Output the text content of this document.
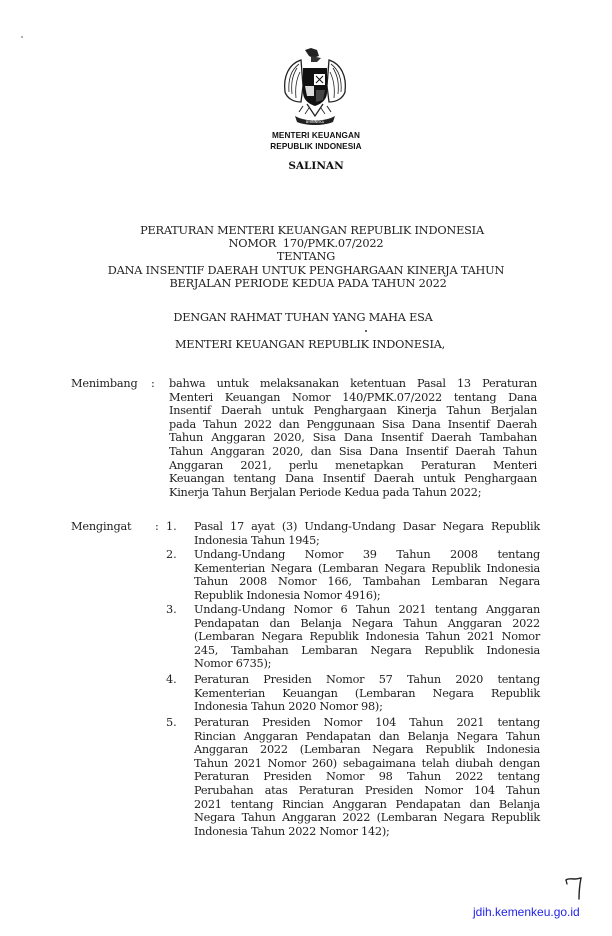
BHINNEKA
MENTERI KEUANGAN
REPUBLIK INDONESIA
SALINAN
PERATURAN MENTERI KEUANGAN REPUBLIK INDONESIA
NOMOR  170/PMK.07/2022
TENTANG
DANA INSENTIF DAERAH UNTUK PENGHARGAAN KINERJA TAHUN
BERJALAN PERIODE KEDUA PADA TAHUN 2022
DENGAN RAHMAT TUHAN YANG MAHA ESA
MENTERI KEUANGAN REPUBLIK INDONESIA,
Menimbang : bahwa untuk melaksanakan ketentuan Pasal 13 Peraturan
Menteri Keuangan Nomor 140/PMK.07/2022 tentang Dana
Insentif Daerah untuk Penghargaan Kinerja Tahun Berjalan
pada Tahun 2022 dan Penggunaan Sisa Dana Insentif Daerah
Tahun Anggaran 2020, Sisa Dana Insentif Daerah Tambahan
Tahun Anggaran 2020, dan Sisa Dana Insentif Daerah Tahun
Anggaran 2021, perlu menetapkan Peraturan Menteri
Keuangan tentang Dana Insentif Daerah untuk Penghargaan
Kinerja Tahun Berjalan Periode Kedua pada Tahun 2022;
Mengingat : 1. Pasal 17 ayat (3) Undang-Undang Dasar Negara Republik
Indonesia Tahun 1945;
2. Undang-Undang Nomor 39 Tahun 2008 tentang
Kementerian Negara (Lembaran Negara Republik Indonesia
Tahun 2008 Nomor 166, Tambahan Lembaran Negara
Republik Indonesia Nomor 4916);
3. Undang-Undang Nomor 6 Tahun 2021 tentang Anggaran
Pendapatan dan Belanja Negara Tahun Anggaran 2022
(Lembaran Negara Republik Indonesia Tahun 2021 Nomor
245, Tambahan Lembaran Negara Republik Indonesia
Nomor 6735);
4. Peraturan Presiden Nomor 57 Tahun 2020 tentang
Kementerian Keuangan (Lembaran Negara Republik
Indonesia Tahun 2020 Nomor 98);
5. Peraturan Presiden Nomor 104 Tahun 2021 tentang
Rincian Anggaran Pendapatan dan Belanja Negara Tahun
Anggaran 2022 (Lembaran Negara Republik Indonesia
Tahun 2021 Nomor 260) sebagaimana telah diubah dengan
Peraturan Presiden Nomor 98 Tahun 2022 tentang
Perubahan atas Peraturan Presiden Nomor 104 Tahun
2021 tentang Rincian Anggaran Pendapatan dan Belanja
Negara Tahun Anggaran 2022 (Lembaran Negara Republik
Indonesia Tahun 2022 Nomor 142);
jdih.kemenkeu.go.id
